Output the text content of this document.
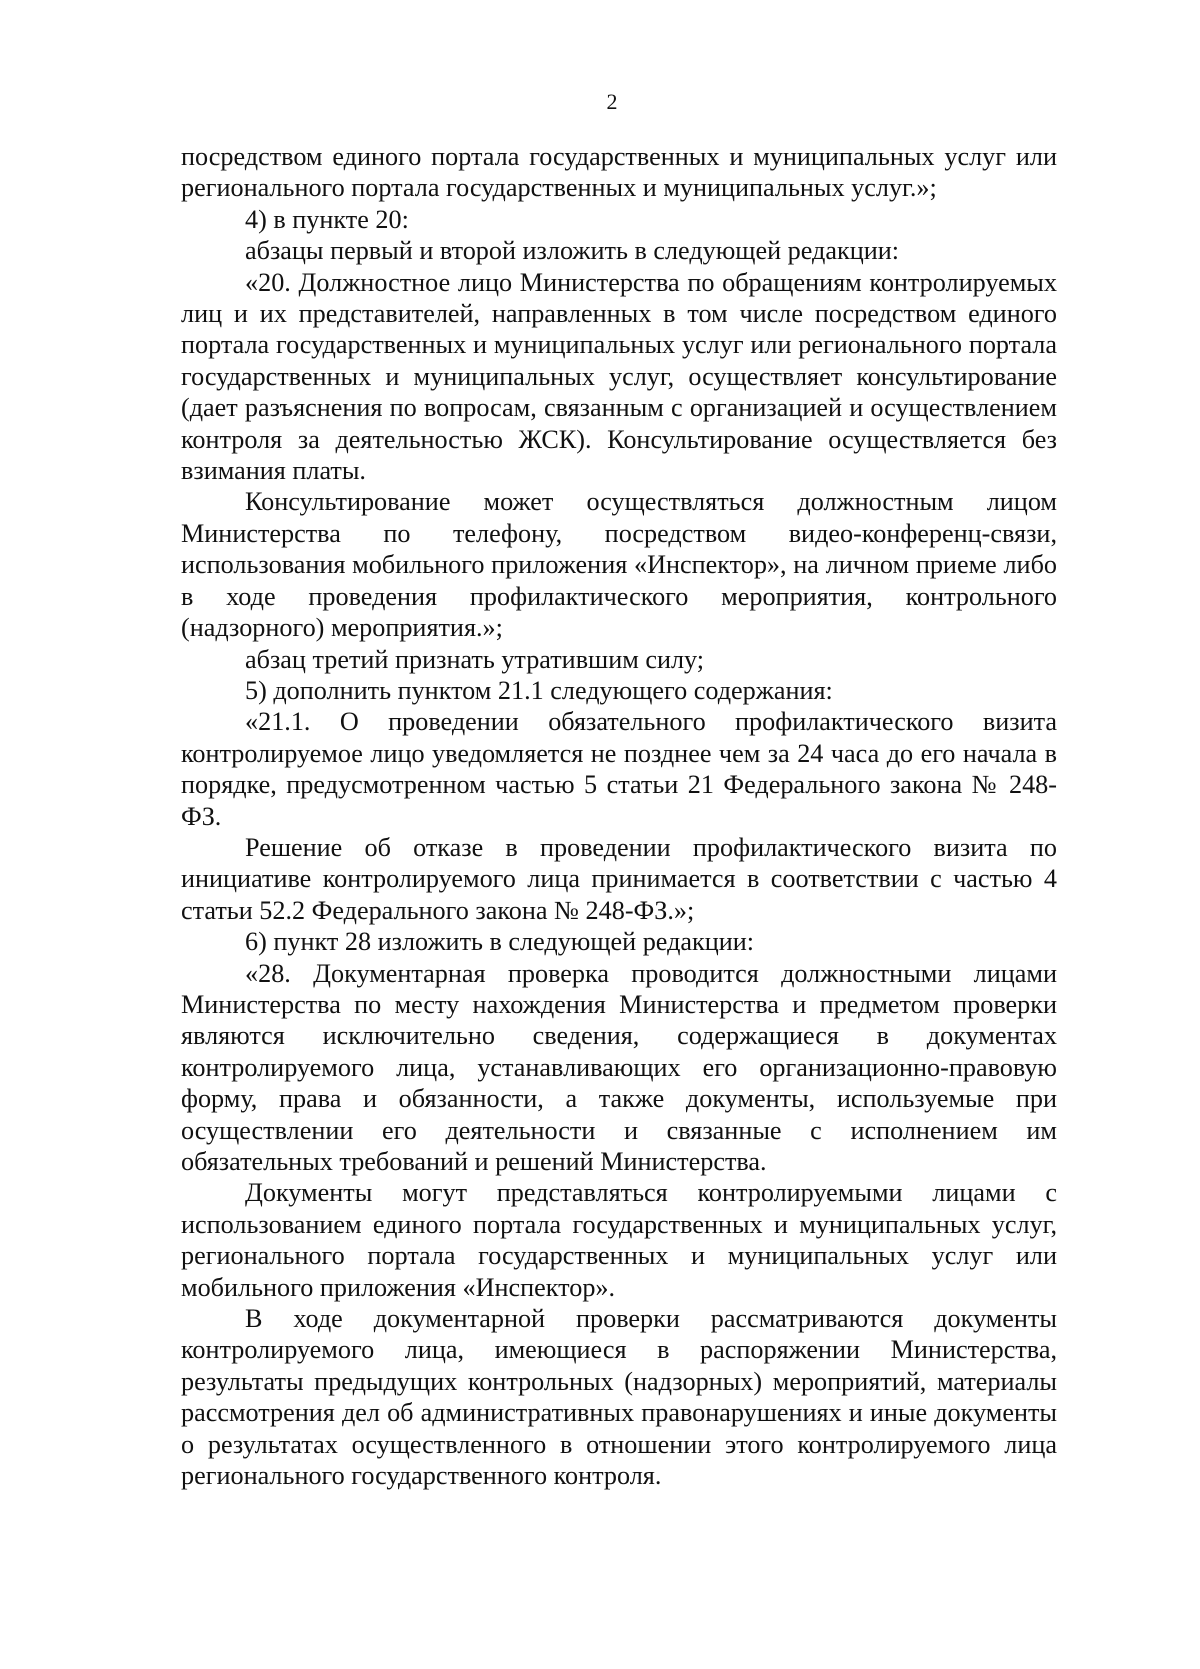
2

посредством единого портала государственных и муниципальных услуг или регионального портала государственных и муниципальных услуг.»;

4) в пункте 20:

абзацы первый и второй изложить в следующей редакции:

«20. Должностное лицо Министерства по обращениям контролируемых лиц и их представителей, направленных в том числе посредством единого портала государственных и муниципальных услуг или регионального портала государственных и муниципальных услуг, осуществляет консультирование (дает разъяснения по вопросам, связанным с организацией и осуществлением контроля за деятельностью ЖСК). Консультирование осуществляется без взимания платы.

Консультирование может осуществляться должностным лицом Министерства по телефону, посредством видео-конференц-связи, использования мобильного приложения «Инспектор», на личном приеме либо в ходе проведения профилактического мероприятия, контрольного (надзорного) мероприятия.»;

абзац третий признать утратившим силу;

5) дополнить пунктом 21.1 следующего содержания:

«21.1. О проведении обязательного профилактического визита контролируемое лицо уведомляется не позднее чем за 24 часа до его начала в порядке, предусмотренном частью 5 статьи 21 Федерального закона № 248-ФЗ.

Решение об отказе в проведении профилактического визита по инициативе контролируемого лица принимается в соответствии с частью 4 статьи 52.2 Федерального закона № 248-ФЗ.»;

6) пункт 28 изложить в следующей редакции:

«28. Документарная проверка проводится должностными лицами Министерства по месту нахождения Министерства и предметом проверки являются исключительно сведения, содержащиеся в документах контролируемого лица, устанавливающих его организационно-правовую форму, права и обязанности, а также документы, используемые при осуществлении его деятельности и связанные с исполнением им обязательных требований и решений Министерства.

Документы могут представляться контролируемыми лицами с использованием единого портала государственных и муниципальных услуг, регионального портала государственных и муниципальных услуг или мобильного приложения «Инспектор».

В ходе документарной проверки рассматриваются документы контролируемого лица, имеющиеся в распоряжении Министерства, результаты предыдущих контрольных (надзорных) мероприятий, материалы рассмотрения дел об административных правонарушениях и иные документы о результатах осуществленного в отношении этого контролируемого лица регионального государственного контроля.
